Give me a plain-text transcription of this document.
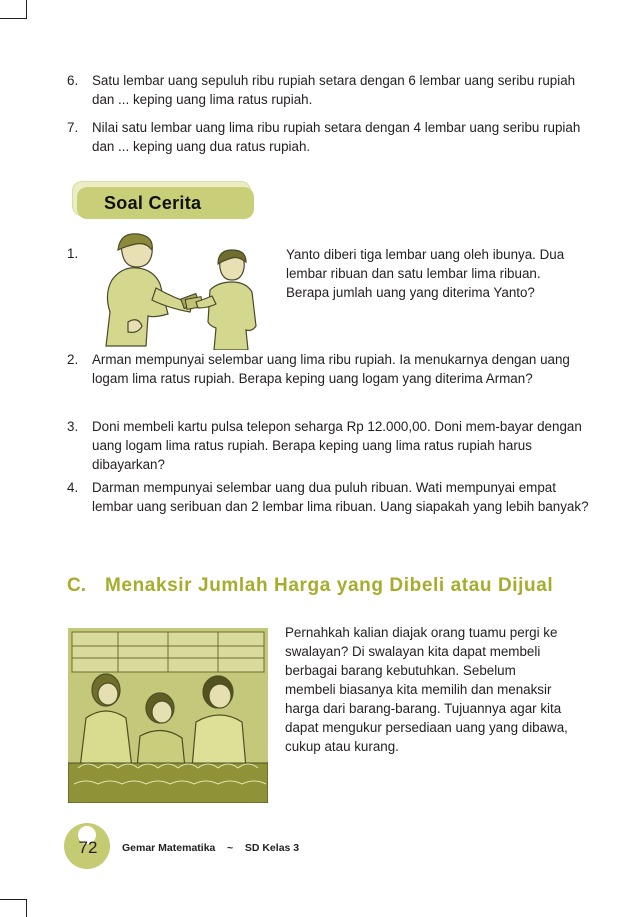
6. Satu lembar uang sepuluh ribu rupiah setara dengan 6 lembar uang seribu rupiah dan ... keping uang lima ratus rupiah.
7. Nilai satu lembar uang lima ribu rupiah setara dengan 4 lembar uang seribu rupiah dan ... keping uang dua ratus rupiah.
Soal Cerita
1.	Yanto diberi tiga lembar uang oleh ibunya. Dua lembar ribuan dan satu lembar lima ribuan. Berapa jumlah uang yang diterima Yanto?
2. Arman mempunyai selembar uang lima ribu rupiah. Ia menukarnya dengan uang logam lima ratus rupiah. Berapa keping uang logam yang diterima Arman?
3. Doni membeli kartu pulsa telepon seharga Rp 12.000,00. Doni mem-bayar dengan uang logam lima ratus rupiah. Berapa keping uang lima ratus rupiah harus dibayarkan?
4. Darman mempunyai selembar uang dua puluh ribuan. Wati mempunyai empat lembar uang seribuan dan 2 lembar lima ribuan. Uang siapakah yang lebih banyak?
C. Menaksir Jumlah Harga yang Dibeli atau Dijual
Pernahkah kalian diajak orang tuamu pergi ke swalayan? Di swalayan kita dapat membeli berbagai barang kebutuhkan. Sebelum membeli biasanya kita memilih dan menaksir harga dari barang-barang. Tujuannya agar kita dapat mengukur persediaan uang yang dibawa, cukup atau kurang.
72	Gemar Matematika    ~    SD Kelas 3
